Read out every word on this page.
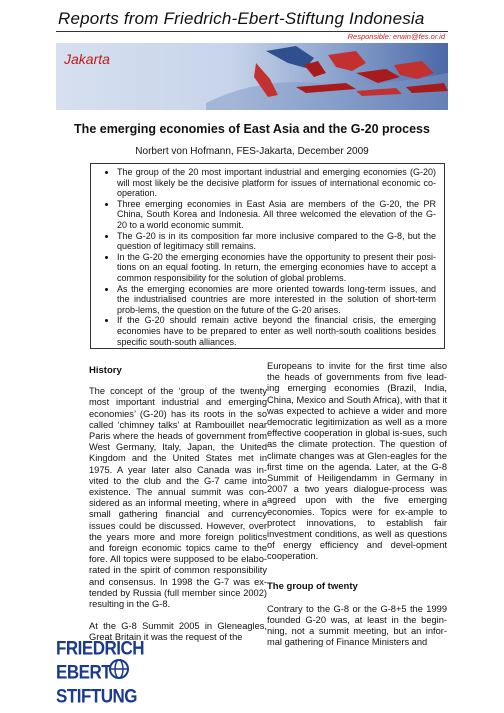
Reports from Friedrich-Ebert-Stiftung Indonesia
Responsible: erwin@fes.or.id
Jakarta
The emerging economies of East Asia and the G-20 process
Norbert von Hofmann, FES-Jakarta, December 2009
• The group of the 20 most important industrial and emerging economies (G-20) will most likely be the decisive platform for issues of international economic co-operation.
• Three emerging economies in East Asia are members of the G-20, the PR China, South Korea and Indonesia. All three welcomed the elevation of the G-20 to a world economic summit.
• The G-20 is in its composition far more inclusive compared to the G-8, but the question of legitimacy still remains.
• In the G-20 the emerging economies have the opportunity to present their posi-tions on an equal footing. In return, the emerging economies have to accept a common responsibility for the solution of global problems.
• As the emerging economies are more oriented towards long-term issues, and the industrialised countries are more interested in the solution of short-term prob-lems, the question on the future of the G-20 arises.
• If the G-20 should remain active beyond the financial crisis, the emerging economies have to be prepared to enter as well north-south coalitions besides specific south-south alliances.
History

The concept of the ‘group of the twenty most important industrial and emerging economies’ (G-20) has its roots in the so called ‘chimney talks’ at Rambouillet near Paris where the heads of government from West Germany, Italy, Japan, the United Kingdom and the United States met in 1975. A year later also Canada was in-vited to the club and the G-7 came into existence. The annual summit was con-sidered as an informal meeting, where in a small gathering financial and currency issues could be discussed. However, over the years more and more foreign politics and foreign economic topics came to the fore. All topics were supposed to be elabo-rated in the spirit of common responsibility and consensus. In 1998 the G-7 was ex-tended by Russia (full member since 2002) resulting in the G-8.

At the G-8 Summit 2005 in Gleneagles, Great Britain it was the request of the

Europeans to invite for the first time also the heads of governments from five lead-ing emerging economies (Brazil, India, China, Mexico and South Africa), with that it was expected to achieve a wider and more democratic legitimization as well as a more effective cooperation in global is-sues, such as the climate protection. The question of climate changes was at Glen-eagles for the first time on the agenda. Later, at the G-8 Summit of Heiligendamm in Germany in 2007 a two years dialogue-process was agreed upon with the five emerging economies. Topics were for ex-ample to protect innovations, to establish fair investment conditions, as well as questions of energy efficiency and devel-opment cooperation.

The group of twenty

Contrary to the G-8 or the G-8+5 the 1999 founded G-20 was, at least in the begin-ning, not a summit meeting, but an infor-mal gathering of Finance Ministers and

FRIEDRICH
EBERT
STIFTUNG
